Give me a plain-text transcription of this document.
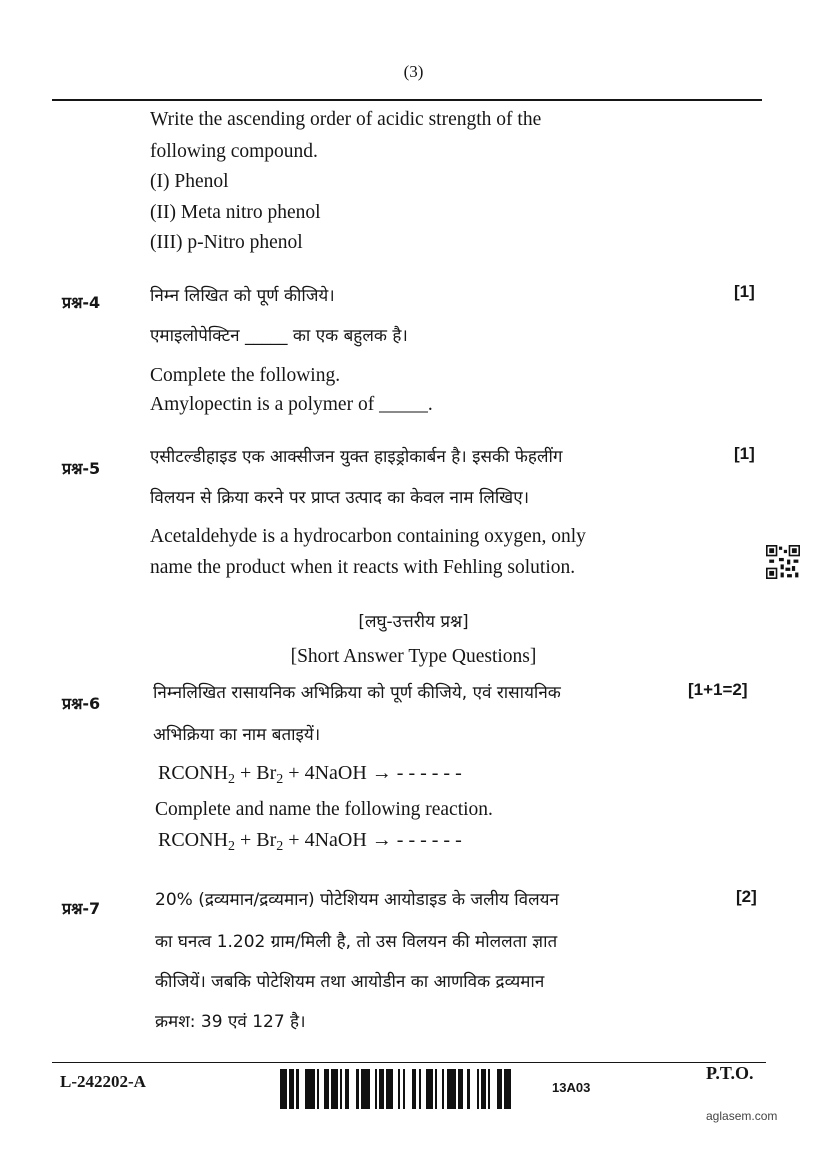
(3)
Write the ascending order of acidic strength of the
following compound.
(I) Phenol
(II) Meta nitro phenol
(III) p-Nitro phenol
प्रश्न-4
[1]
निम्न लिखित को पूर्ण कीजिये।
एमाइलोपेक्टिन _____ का एक बहुलक है।
Complete the following.
Amylopectin is a polymer of _____.
प्रश्न-5
[1]
एसीटल्डीहाइड एक आक्सीजन युक्त हाइड्रोकार्बन है। इसकी फेहलींग
विलयन से क्रिया करने पर प्राप्त उत्पाद का केवल नाम लिखिए।
Acetaldehyde is a hydrocarbon containing oxygen, only
name the product when it reacts with Fehling solution.
[लघु-उत्तरीय प्रश्न]
[Short Answer Type Questions]
प्रश्न-6
[1+1=2]
निम्नलिखित रासायनिक अभिक्रिया को पूर्ण कीजिये, एवं रासायनिक
अभिक्रिया का नाम बताइयें।
$RCONH_2 + Br_2$ + 4NaOH → - - - - - -
Complete and name the following reaction.
$RCONH_2 + Br_2$ + 4NaOH → - - - - - -
प्रश्न-7
[2]
20% (द्रव्यमान/द्रव्यमान) पोटेशियम आयोडाइड के जलीय विलयन
का घनत्व 1.202 ग्राम/मिली है, तो उस विलयन की मोललता ज्ञात
कीजियें। जबकि पोटेशियम तथा आयोडीन का आणविक द्रव्यमान
क्रमश: 39 एवं 127 है।
L-242202-A	13A03
P.T.O.
aglasem.com
